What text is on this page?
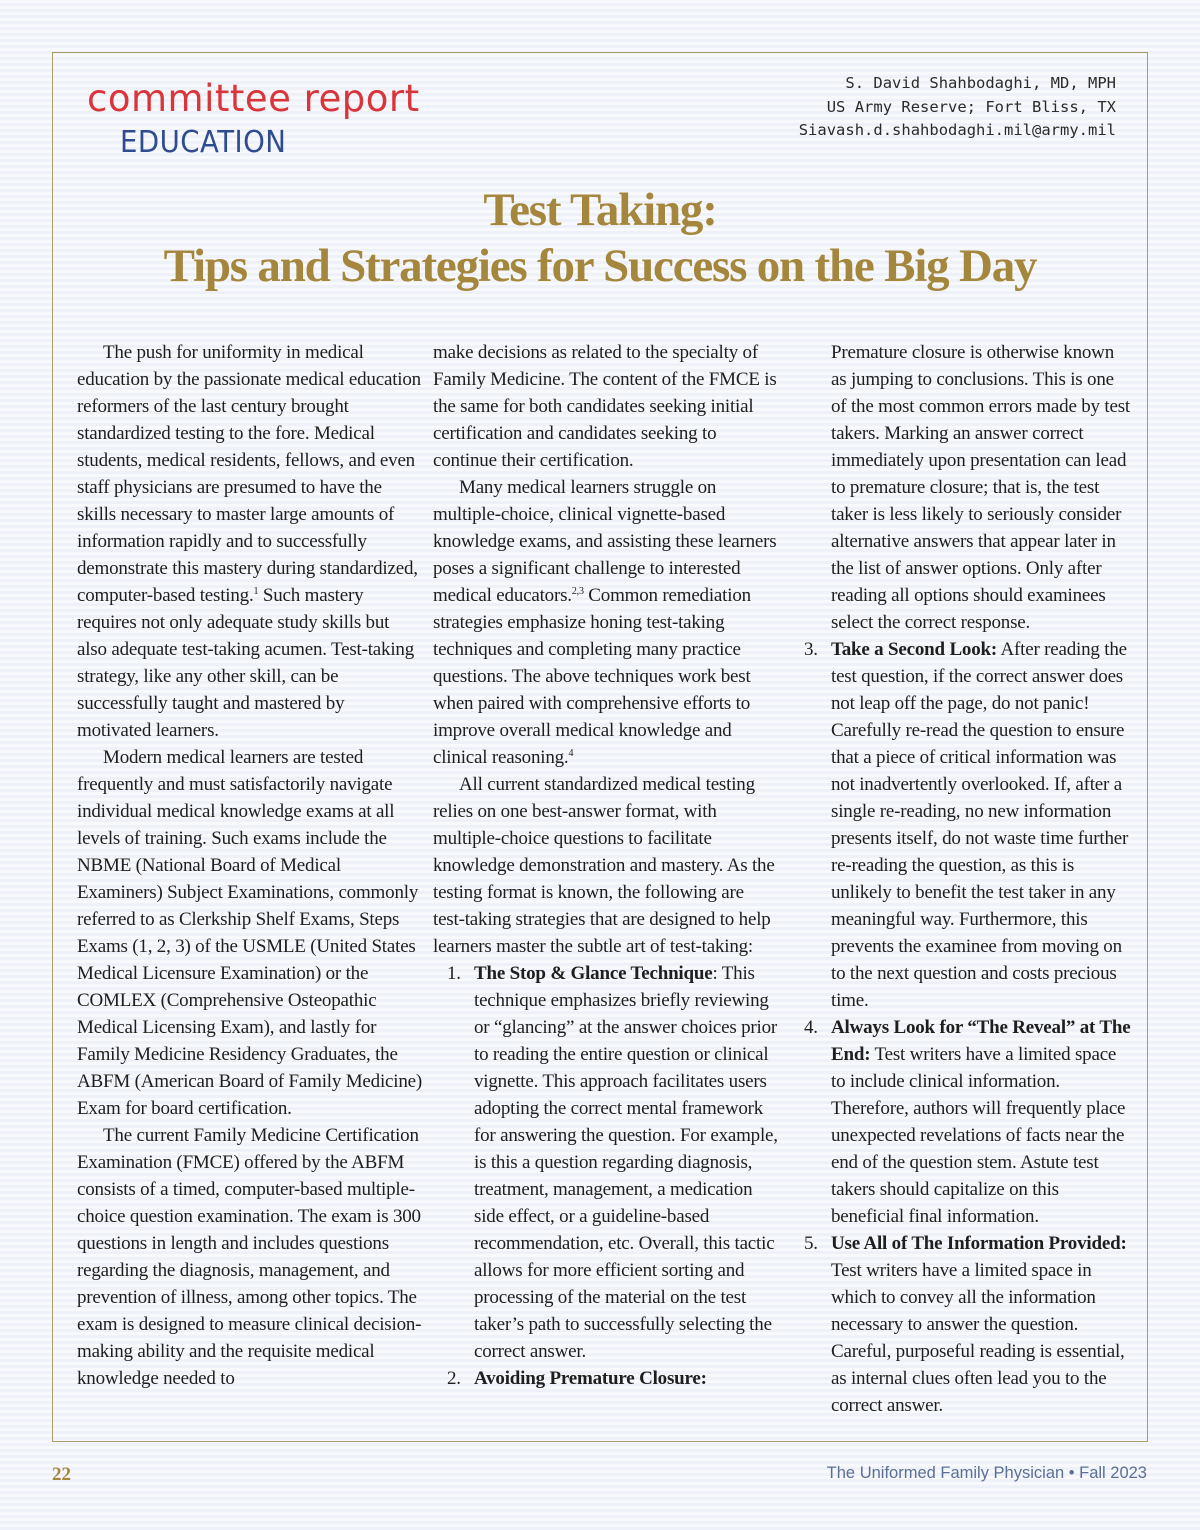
committee report
EDUCATION
S. David Shahbodaghi, MD, MPH
US Army Reserve; Fort Bliss, TX
Siavash.d.shahbodaghi.mil@army.mil
Test Taking:
Tips and Strategies for Success on the Big Day

The push for uniformity in medical education by the passionate medical education reformers of the last century brought standardized testing to the fore. Medical students, medical residents, fellows, and even staff physicians are presumed to have the skills necessary to master large amounts of information rapidly and to successfully demonstrate this mastery during standardized, computer-based testing.$^1$ Such mastery requires not only adequate study skills but also adequate test-taking acumen. Test-taking strategy, like any other skill, can be successfully taught and mastered by motivated learners.

Modern medical learners are tested frequently and must satisfactorily navigate individual medical knowledge exams at all levels of training. Such exams include the NBME (National Board of Medical Examiners) Subject Examinations, commonly referred to as Clerkship Shelf Exams, Steps Exams (1, 2, 3) of the USMLE (United States Medical Licensure Examination) or the COMLEX (Comprehensive Osteopathic Medical Licensing Exam), and lastly for Family Medicine Residency Graduates, the ABFM (American Board of Family Medicine) Exam for board certification.

The current Family Medicine Certification Examination (FMCE) offered by the ABFM consists of a timed, computer-based multiple-choice question examination. The exam is 300 questions in length and includes questions regarding the diagnosis, management, and prevention of illness, among other topics. The exam is designed to measure clinical decision-making ability and the requisite medical knowledge needed to

make decisions as related to the specialty of Family Medicine. The content of the FMCE is the same for both candidates seeking initial certification and candidates seeking to continue their certification.

Many medical learners struggle on multiple-choice, clinical vignette-based knowledge exams, and assisting these learners poses a significant challenge to interested medical educators.$^{2,3}$ Common remediation strategies emphasize honing test-taking techniques and completing many practice questions. The above techniques work best when paired with comprehensive efforts to improve overall medical knowledge and clinical reasoning.$^4$

All current standardized medical testing relies on one best-answer format, with multiple-choice questions to facilitate knowledge demonstration and mastery. As the testing format is known, the following are test-taking strategies that are designed to help learners master the subtle art of test-taking:

1. The Stop & Glance Technique: This technique emphasizes briefly reviewing or “glancing” at the answer choices prior to reading the entire question or clinical vignette. This approach facilitates users adopting the correct mental framework for answering the question. For example, is this a question regarding diagnosis, treatment, management, a medication side effect, or a guideline-based recommendation, etc. Overall, this tactic allows for more efficient sorting and processing of the material on the test taker’s path to successfully selecting the correct answer.
2. Avoiding Premature Closure:

Premature closure is otherwise known as jumping to conclusions. This is one of the most common errors made by test takers. Marking an answer correct immediately upon presentation can lead to premature closure; that is, the test taker is less likely to seriously consider alternative answers that appear later in the list of answer options. Only after reading all options should examinees select the correct response.

3. Take a Second Look: After reading the test question, if the correct answer does not leap off the page, do not panic! Carefully re-read the question to ensure that a piece of critical information was not inadvertently overlooked. If, after a single re-reading, no new information presents itself, do not waste time further re-reading the question, as this is unlikely to benefit the test taker in any meaningful way. Furthermore, this prevents the examinee from moving on to the next question and costs precious time.
4. Always Look for “The Reveal” at The End: Test writers have a limited space to include clinical information. Therefore, authors will frequently place unexpected revelations of facts near the end of the question stem. Astute test takers should capitalize on this beneficial final information.
5. Use All of The Information Provided: Test writers have a limited space in which to convey all the information necessary to answer the question. Careful, purposeful reading is essential, as internal clues often lead you to the correct answer.
22	The Uniformed Family Physician • Fall 2023
